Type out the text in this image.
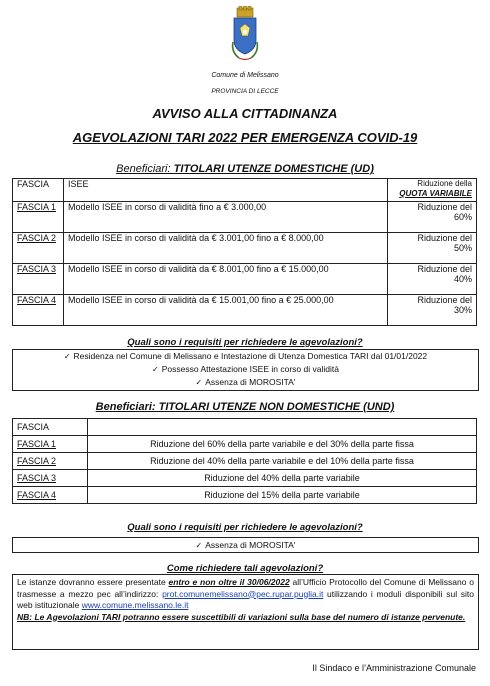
Comune di Melissano
PROVINCIA DI LECCE
AVVISO ALLA CITTADINANZA
AGEVOLAZIONI TARI 2022 PER EMERGENZA COVID-19
Beneficiari: TITOLARI UTENZE DOMESTICHE (UD)
FASCIA	ISEE	Riduzione della
QUOTA VARIABILE
FASCIA 1	Modello ISEE in corso di validità fino a € 3.000,00	Riduzione del
60%
FASCIA 2	Modello ISEE in corso di validità da € 3.001,00 fino a € 8.000,00	Riduzione del
50%
FASCIA 3	Modello ISEE in corso di validità da € 8.001,00 fino a € 15.000,00	Riduzione del
40%
FASCIA 4	Modello ISEE in corso di validità da € 15.001,00 fino a € 25.000,00	Riduzione del
30%
Quali sono i requisiti per richiedere le agevolazioni?
✓ Residenza nel Comune di Melissano e Intestazione di Utenza Domestica TARI dal 01/01/2022
✓ Possesso Attestazione ISEE in corso di validità
✓ Assenza di MOROSITA'
Beneficiari: TITOLARI UTENZE NON DOMESTICHE (UND)
FASCIA	
FASCIA 1	Riduzione del 60% della parte variabile e del 30% della parte fissa
FASCIA 2	Riduzione del 40% della parte variabile e del 10% della parte fissa
FASCIA 3	Riduzione del 40% della parte variabile
FASCIA 4	Riduzione del 15% della parte variabile
Quali sono i requisiti per richiedere le agevolazioni?
✓ Assenza di MOROSITA'
Come richiedere tali agevolazioni?
Le istanze dovranno essere presentate entro e non oltre il 30/06/2022 all’Ufficio Protocollo del Comune di Melissano o trasmesse a mezzo pec all’indirizzo: prot.comunemelissano@pec.rupar.puglia.it utilizzando i moduli disponibili sul sito web istituzionale www.comune.melissano.le.it
NB: Le Agevolazioni TARI potranno essere suscettibili di variazioni sulla base del numero di istanze pervenute.
Il Sindaco e l’Amministrazione Comunale
